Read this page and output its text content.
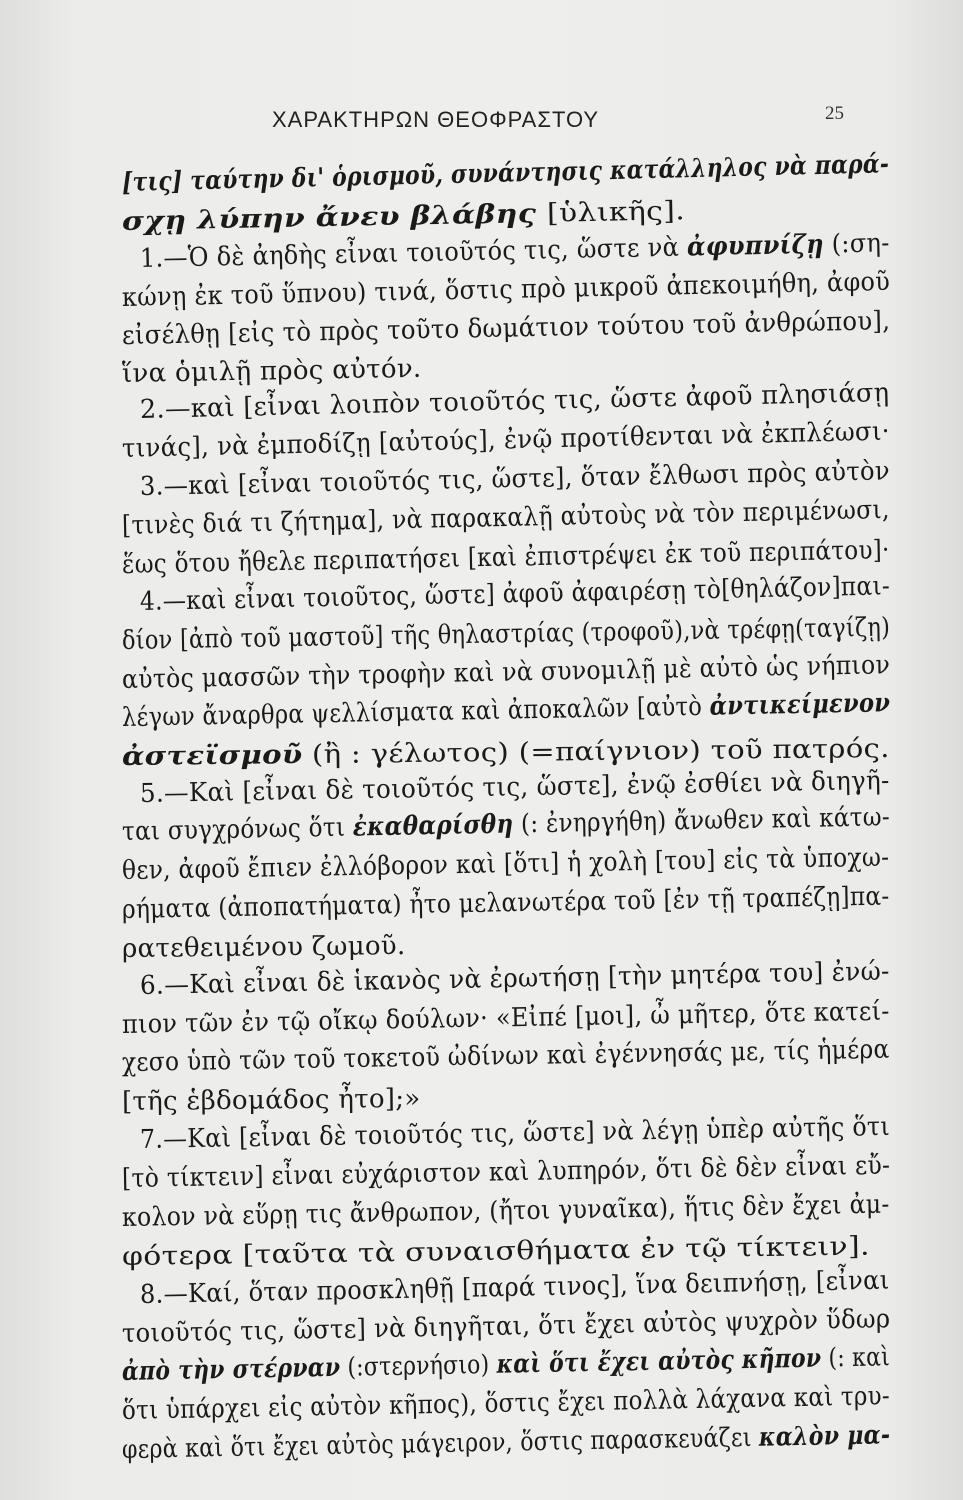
ΧΑΡΑΚΤΗΡΩΝ ΘΕΟΦΡΑΣΤΟΥ	25
[τις] ταύτην δι' ὁρισμοῦ, συνάντησις κατάλληλος νὰ παρά-
σχῃ λύπην ἄνευ βλάβης [ὑλικῆς].
1.—Ὁ δὲ ἀηδὴς εἶναι τοιοῦτός τις, ὥστε νὰ ἀφυπνίζῃ (:ση-
κώνῃ ἐκ τοῦ ὕπνου) τινά, ὅστις πρὸ μικροῦ ἀπεκοιμήθη, ἀφοῦ
εἰσέλθῃ [εἰς τὸ πρὸς τοῦτο δωμάτιον τούτου τοῦ ἀνθρώπου],
ἵνα ὁμιλῇ πρὸς αὐτόν.
2.—καὶ [εἶναι λοιπὸν τοιοῦτός τις, ὥστε ἀφοῦ πλησιάσῃ
τινάς], νὰ ἐμποδίζῃ [αὐτούς], ἐνῷ προτίθενται νὰ ἐκπλέωσι·
3.—καὶ [εἶναι τοιοῦτός τις, ὥστε], ὅταν ἔλθωσι πρὸς αὐτὸν
[τινὲς διά τι ζήτημα], νὰ παρακαλῇ αὐτοὺς νὰ τὸν περιμένωσι,
ἕως ὅτου ἤθελε περιπατήσει [καὶ ἐπιστρέψει ἐκ τοῦ περιπάτου]·
4.—καὶ εἶναι τοιοῦτος, ὥστε] ἀφοῦ ἀφαιρέσῃ τὸ[θηλάζον]παι-
δίον [ἀπὸ τοῦ μαστοῦ] τῆς θηλαστρίας (τροφοῦ),νὰ τρέφῃ(ταγίζῃ)
αὐτὸς μασσῶν τὴν τροφὴν καὶ νὰ συνομιλῇ μὲ αὐτὸ ὡς νήπιον
λέγων ἄναρθρα ψελλίσματα καὶ ἀποκαλῶν [αὐτὸ ἀντικείμενον
ἀστεϊσμοῦ (ἢ : γέλωτος) (=παίγνιον) τοῦ πατρός.
5.—Καὶ [εἶναι δὲ τοιοῦτός τις, ὥστε], ἐνῷ ἐσθίει νὰ διηγῆ-
ται συγχρόνως ὅτι ἐκαθαρίσθη (: ἐνηργήθη) ἄνωθεν καὶ κάτω-
θεν, ἀφοῦ ἔπιεν ἐλλόβορον καὶ [ὅτι] ἡ χολὴ [του] εἰς τὰ ὑποχω-
ρήματα (ἀποπατήματα) ἦτο μελανωτέρα τοῦ [ἐν τῇ τραπέζῃ]πα-
ρατεθειμένου ζωμοῦ.
6.—Καὶ εἶναι δὲ ἱκανὸς νὰ ἐρωτήσῃ [τὴν μητέρα του] ἐνώ-
πιον τῶν ἐν τῷ οἴκῳ δούλων· «Εἰπέ [μοι], ὦ μῆτερ, ὅτε κατεί-
χεσο ὑπὸ τῶν τοῦ τοκετοῦ ὠδίνων καὶ ἐγέννησάς με, τίς ἡμέρα
[τῆς ἑβδομάδος ἦτο];»
7.—Καὶ [εἶναι δὲ τοιοῦτός τις, ὥστε] νὰ λέγῃ ὑπὲρ αὐτῆς ὅτι
[τὸ τίκτειν] εἶναι εὐχάριστον καὶ λυπηρόν, ὅτι δὲ δὲν εἶναι εὔ-
κολον νὰ εὕρῃ τις ἄνθρωπον, (ἤτοι γυναῖκα), ἥτις δὲν ἔχει ἀμ-
φότερα [ταῦτα τὰ συναισθήματα ἐν τῷ τίκτειν].
8.—Καί, ὅταν προσκληθῇ [παρά τινος], ἵνα δειπνήσῃ, [εἶναι
τοιοῦτός τις, ὥστε] νὰ διηγῆται, ὅτι ἔχει αὐτὸς ψυχρὸν ὕδωρ
ἀπὸ τὴν στέρναν (:στερνήσιο) καὶ ὅτι ἔχει αὐτὸς κῆπον (: καὶ
ὅτι ὑπάρχει εἰς αὐτὸν κῆπος), ὅστις ἔχει πολλὰ λάχανα καὶ τρυ-
φερὰ καὶ ὅτι ἔχει αὐτὸς μάγειρον, ὅστις παρασκευάζει καλὸν μα-
